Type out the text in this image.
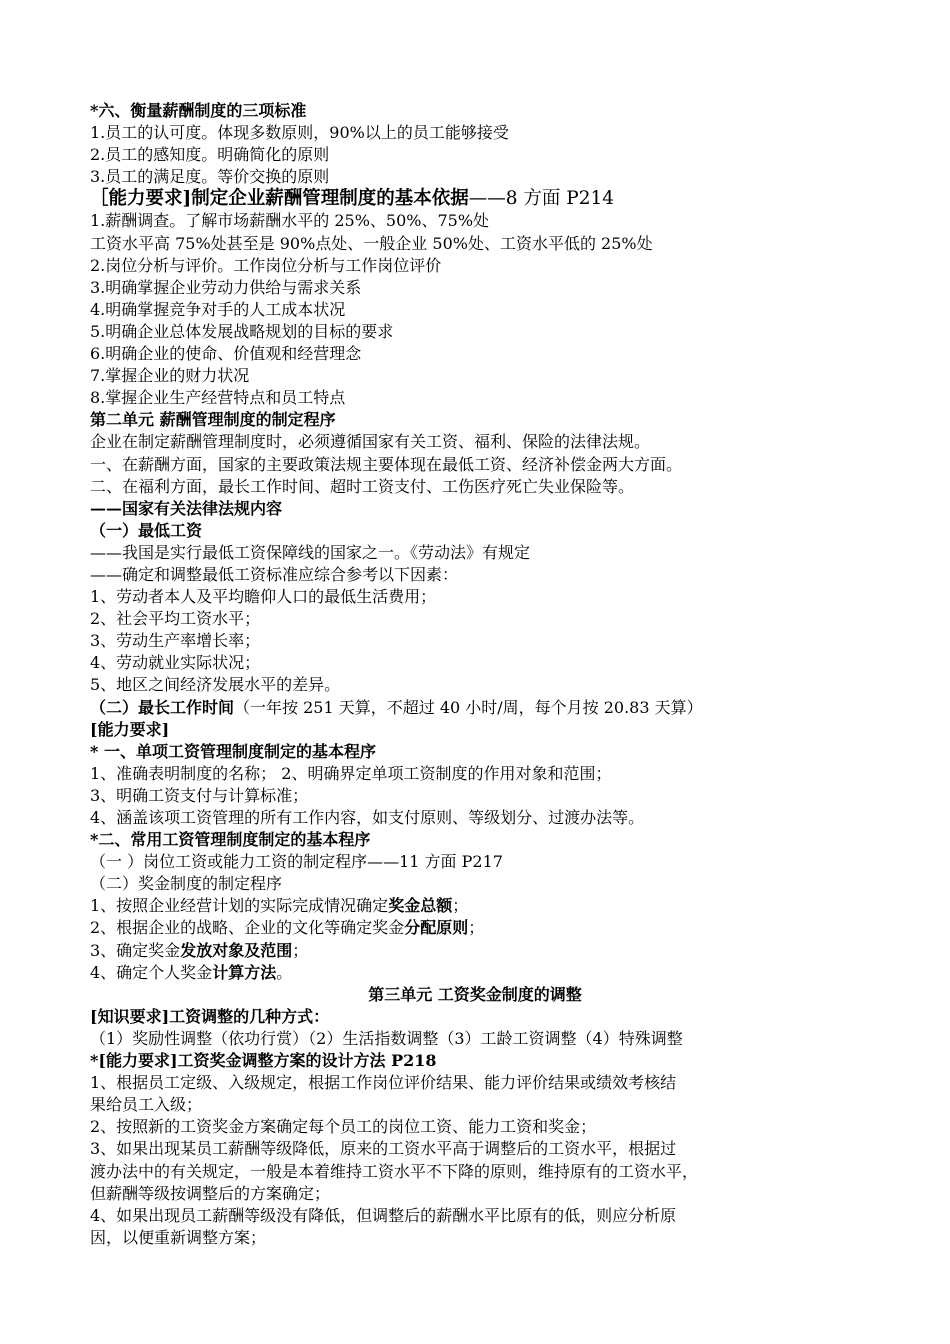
*六、衡量薪酬制度的三项标准
1.员工的认可度。体现多数原则，90%以上的员工能够接受
2.员工的感知度。明确简化的原则
3.员工的满足度。等价交换的原则
［能力要求]制定企业薪酬管理制度的基本依据——8 方面 P214
1.薪酬调查。了解市场薪酬水平的 25%、50%、75%处
工资水平高 75%处甚至是 90%点处、一般企业 50%处、工资水平低的 25%处
2.岗位分析与评价。工作岗位分析与工作岗位评价
3.明确掌握企业劳动力供给与需求关系
4.明确掌握竞争对手的人工成本状况
5.明确企业总体发展战略规划的目标的要求
6.明确企业的使命、价值观和经营理念
7.掌握企业的财力状况
8.掌握企业生产经营特点和员工特点
第二单元 薪酬管理制度的制定程序
企业在制定薪酬管理制度时，必须遵循国家有关工资、福利、保险的法律法规。
一、在薪酬方面，国家的主要政策法规主要体现在最低工资、经济补偿金两大方面。
二、在福利方面，最长工作时间、超时工资支付、工伤医疗死亡失业保险等。
——国家有关法律法规内容
（一）最低工资
——我国是实行最低工资保障线的国家之一。《劳动法》有规定
——确定和调整最低工资标准应综合参考以下因素：
1、劳动者本人及平均瞻仰人口的最低生活费用；
2、社会平均工资水平；
3、劳动生产率增长率；
4、劳动就业实际状况；
5、地区之间经济发展水平的差异。
（二）最长工作时间（一年按 251 天算，不超过 40 小时/周，每个月按 20.83 天算）
[能力要求]
* 一、单项工资管理制度制定的基本程序
1、准确表明制度的名称； 2、明确界定单项工资制度的作用对象和范围；
3、明确工资支付与计算标准；
4、涵盖该项工资管理的所有工作内容，如支付原则、等级划分、过渡办法等。
*二、常用工资管理制度制定的基本程序
（一 ）岗位工资或能力工资的制定程序——11 方面 P217
（二）奖金制度的制定程序
1、按照企业经营计划的实际完成情况确定奖金总额；
2、根据企业的战略、企业的文化等确定奖金分配原则；
3、确定奖金发放对象及范围；
4、确定个人奖金计算方法。
第三单元 工资奖金制度的调整
[知识要求]工资调整的几种方式：
（1）奖励性调整（依功行赏）（2）生活指数调整（3）工龄工资调整（4）特殊调整
*[能力要求]工资奖金调整方案的设计方法 P218
1、根据员工定级、入级规定，根据工作岗位评价结果、能力评价结果或绩效考核结
果给员工入级；
2、按照新的工资奖金方案确定每个员工的岗位工资、能力工资和奖金；
3、如果出现某员工薪酬等级降低，原来的工资水平高于调整后的工资水平，根据过
渡办法中的有关规定，一般是本着维持工资水平不下降的原则，维持原有的工资水平，
但薪酬等级按调整后的方案确定；
4、如果出现员工薪酬等级没有降低，但调整后的薪酬水平比原有的低，则应分析原
因，以便重新调整方案；
